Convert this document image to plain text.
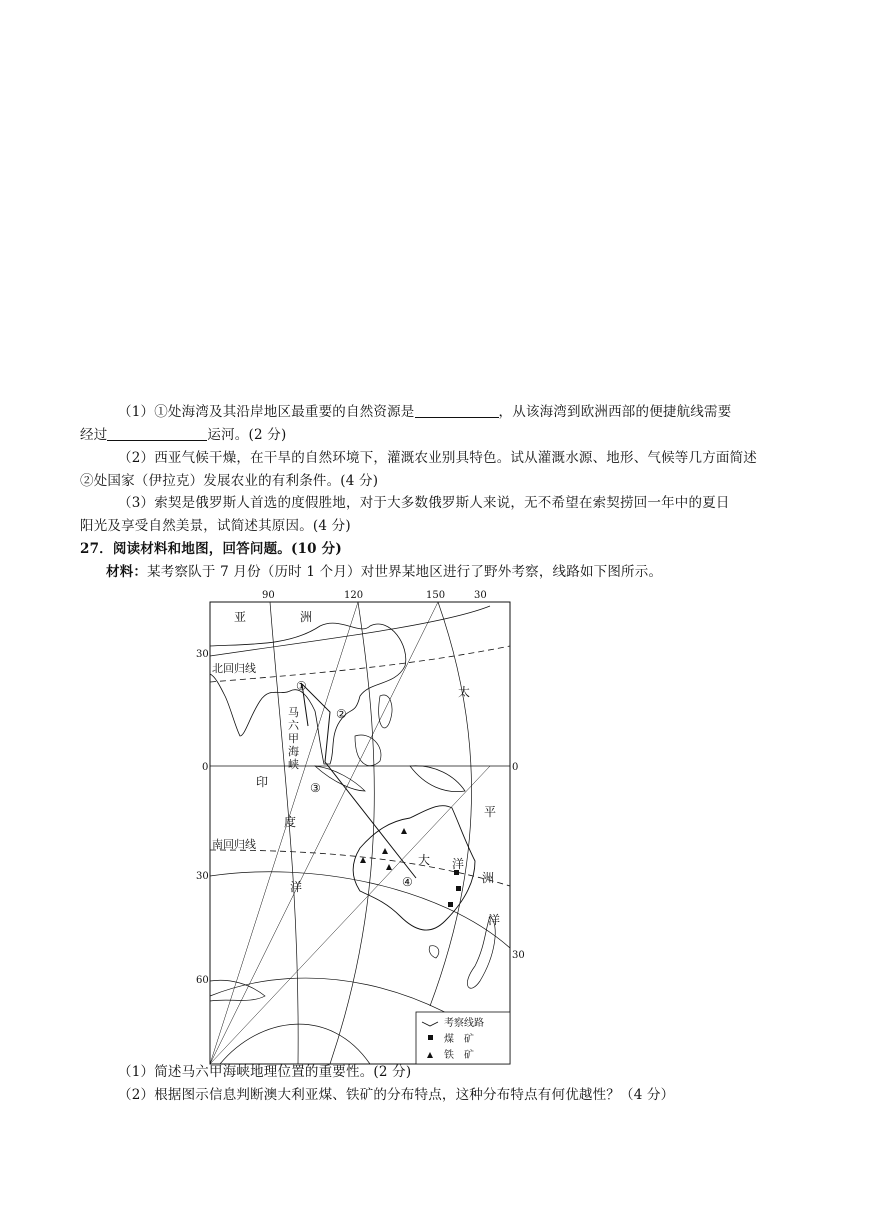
（1）①处海湾及其沿岸地区最重要的自然资源是	，从该海湾到欧洲西部的便捷航线需要
经过	运河。(2 分)
（2）西亚气候干燥，在干旱的自然环境下，灌溉农业别具特色。试从灌溉水源、地形、气候等几方面简述
②处国家（伊拉克）发展农业的有利条件。(4 分)
（3）索契是俄罗斯人首选的度假胜地，对于大多数俄罗斯人来说，无不希望在索契捞回一年中的夏日
阳光及享受自然美景，试简述其原因。(4 分)
27．阅读材料和地图，回答问题。(10 分)
材料：某考察队于 7 月份（历时 1 个月）对世界某地区进行了野外考察，线路如下图所示。
90	120	150	30
30
0
30
60
0
30
北回归线
南回归线
亚	洲
印
度
洋
太
平
洋
洲
洋
大
马
六
甲
海
峡
①
②
③
④
考察线路
煤　矿
铁　矿
（1）简述马六甲海峡地理位置的重要性。(2 分)
（2）根据图示信息判断澳大利亚煤、铁矿的分布特点，这种分布特点有何优越性？（4 分）
